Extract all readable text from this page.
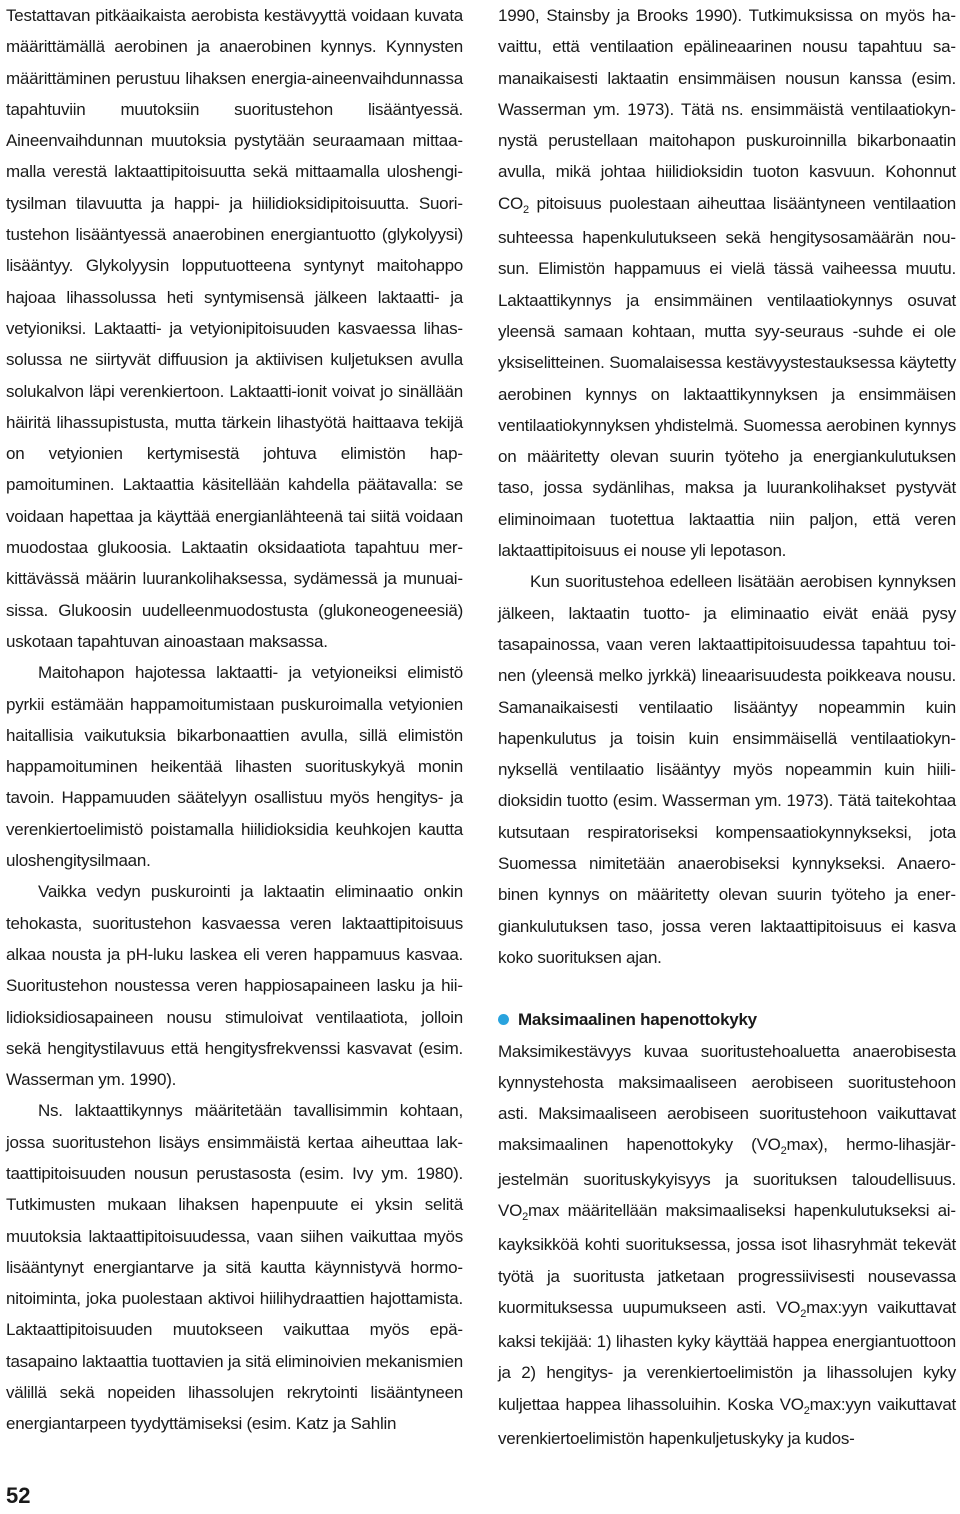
Testattavan pitkäaikaista aerobista kestävyyttä voidaan kuvata määrittämällä aerobinen ja anaerobinen kynnys. Kynnysten määrittäminen perustuu lihaksen energia-aineenvaihdunnassa tapahtuviin muutoksiin suoritustehon lisääntyessä. Aineenvaihdunnan muutoksia pystytään seuraamaan mittaamalla verestä laktaattipitoisuutta sekä mittaamalla uloshengitysilman tilavuutta ja happi- ja hiilidioksidipitoisuutta. Suoritustehon lisääntyessä anaerobinen energiantuotto (glykolyysi) lisääntyy. Glykolyysin lopputuotteena syntynyt maitohappo hajoaa lihassolussa heti syntymisensä jälkeen laktaatti- ja vetyioniksi. Laktaatti- ja vetyionipitoisuuden kasvaessa lihassolussa ne siirtyvät diffuusion ja aktiivisen kuljetuksen avulla solukalvon läpi verenkiertoon. Laktaatti-ionit voivat jo sinällään häiritä lihassupistusta, mutta tärkein lihastyötä haittaava tekijä on vetyionien kertymisestä johtuva elimistön happamoituminen. Laktaattia käsitellään kahdella päätavalla: se voidaan hapettaa ja käyttää energianlähteenä tai siitä voidaan muodostaa glukoosia. Laktaatin oksidaatiota tapahtuu merkittävässä määrin luurankolihaksessa, sydämessä ja munuaisissa. Glukoosin uudelleenmuodostusta (glukoneogeneesiä) uskotaan tapahtuvan ainoastaan maksassa.

Maitohapon hajotessa laktaatti- ja vetyioneiksi elimistö pyrkii estämään happamoitumistaan puskuroimalla vetyionien haitallisia vaikutuksia bikarbonaattien avulla, sillä elimistön happamoituminen heikentää lihasten suorituskykyä monin tavoin. Happamuuden säätelyyn osallistuu myös hengitys- ja verenkiertoelimistö poistamalla hiilidioksidia keuhkojen kautta uloshengitysilmaan.

Vaikka vedyn puskurointi ja laktaatin eliminaatio onkin tehokasta, suoritustehon kasvaessa veren laktaattipitoisuus alkaa nousta ja pH-luku laskea eli veren happamuus kasvaa. Suoritustehon noustessa veren happiosapaineen lasku ja hiilidioksidiosapaineen nousu stimuloivat ventilaatiota, jolloin sekä hengitystilavuus että hengitysfrekvenssi kasvavat (esim. Wasserman ym. 1990).

Ns. laktaattikynnys määritetään tavallisimmin kohtaan, jossa suoritustehon lisäys ensimmäistä kertaa aiheuttaa laktaattipitoisuuden nousun perustasosta (esim. Ivy ym. 1980). Tutkimusten mukaan lihaksen hapenpuute ei yksin selitä muutoksia laktaattipitoisuudessa, vaan siihen vaikuttaa myös lisääntynyt energiantarve ja sitä kautta käynnistyvä hormonitoiminta, joka puolestaan aktivoi hiilihydraattien hajottamista. Laktaattipitoisuuden muutokseen vaikuttaa myös epätasapaino laktaattia tuottavien ja sitä eliminoivien mekanismien välillä sekä nopeiden lihassolujen rekrytointi lisääntyneen energiantarpeen tyydyttämiseksi (esim. Katz ja Sahlin

1990, Stainsby ja Brooks 1990). Tutkimuksissa on myös havaittu, että ventilaation epälineaarinen nousu tapahtuu samanaikaisesti laktaatin ensimmäisen nousun kanssa (esim. Wasserman ym. 1973). Tätä ns. ensimmäistä ventilaatiokynnystä perustellaan maitohapon puskuroinnilla bikarbonaatin avulla, mikä johtaa hiilidioksidin tuoton kasvuun. Kohonnut $CO_2$ pitoisuus puolestaan aiheuttaa lisääntyneen ventilaation suhteessa hapenkulutukseen sekä hengitysosamäärän nousun. Elimistön happamuus ei vielä tässä vaiheessa muutu. Laktaattikynnys ja ensimmäinen ventilaatiokynnys osuvat yleensä samaan kohtaan, mutta syy-seuraus -suhde ei ole yksiselitteinen. Suomalaisessa kestävyystestauksessa käytetty aerobinen kynnys on laktaattikynnyksen ja ensimmäisen ventilaatiokynnyksen yhdistelmä. Suomessa aerobinen kynnys on määritetty olevan suurin työteho ja energiankulutuksen taso, jossa sydänlihas, maksa ja luurankolihakset pystyvät eliminoimaan tuotettua laktaattia niin paljon, että veren laktaattipitoisuus ei nouse yli lepotason.

Kun suoritustehoa edelleen lisätään aerobisen kynnyksen jälkeen, laktaatin tuotto- ja eliminaatio eivät enää pysy tasapainossa, vaan veren laktaattipitoisuudessa tapahtuu toinen (yleensä melko jyrkkä) lineaarisuudesta poikkeava nousu. Samanaikaisesti ventilaatio lisääntyy nopeammin kuin hapenkulutus ja toisin kuin ensimmäisellä ventilaatiokynnyksellä ventilaatio lisääntyy myös nopeammin kuin hiilidioksidin tuotto (esim. Wasserman ym. 1973). Tätä taitekohtaa kutsutaan respiratoriseksi kompensaatiokynnykseksi, jota Suomessa nimitetään anaerobiseksi kynnykseksi. Anaerobinen kynnys on määritetty olevan suurin työteho ja energiankulutuksen taso, jossa veren laktaattipitoisuus ei kasva koko suorituksen ajan.

Maksimaalinen hapenottokyky

Maksimikestävyys kuvaa suoritustehoaluetta anaerobisesta kynnystehosta maksimaaliseen aerobiseen suoritustehoon asti. Maksimaaliseen aerobiseen suoritustehoon vaikuttavat maksimaalinen hapenottokyky $(VO_2\max)$, hermo-lihasjärjestelmän suorituskykyisyys ja suorituksen taloudellisuus. $VO_2\max$ määritellään maksimaaliseksi hapenkulutukseksi aikayksikköä kohti suorituksessa, jossa isot lihasryhmät tekevät työtä ja suoritusta jatketaan progressiivisesti nousevassa kuormituksessa uupumukseen asti. $VO_2\max:yyn$ vaikuttavat kaksi tekijää: 1) lihasten kyky käyttää happea energiantuottoon ja 2) hengitys- ja verenkiertoelimistön ja lihassolujen kyky kuljettaa happea lihassoluihin. Koska $VO_2\max:yyn$ vaikuttavat verenkiertoelimistön hapenkuljetuskyky ja kudos-

52
